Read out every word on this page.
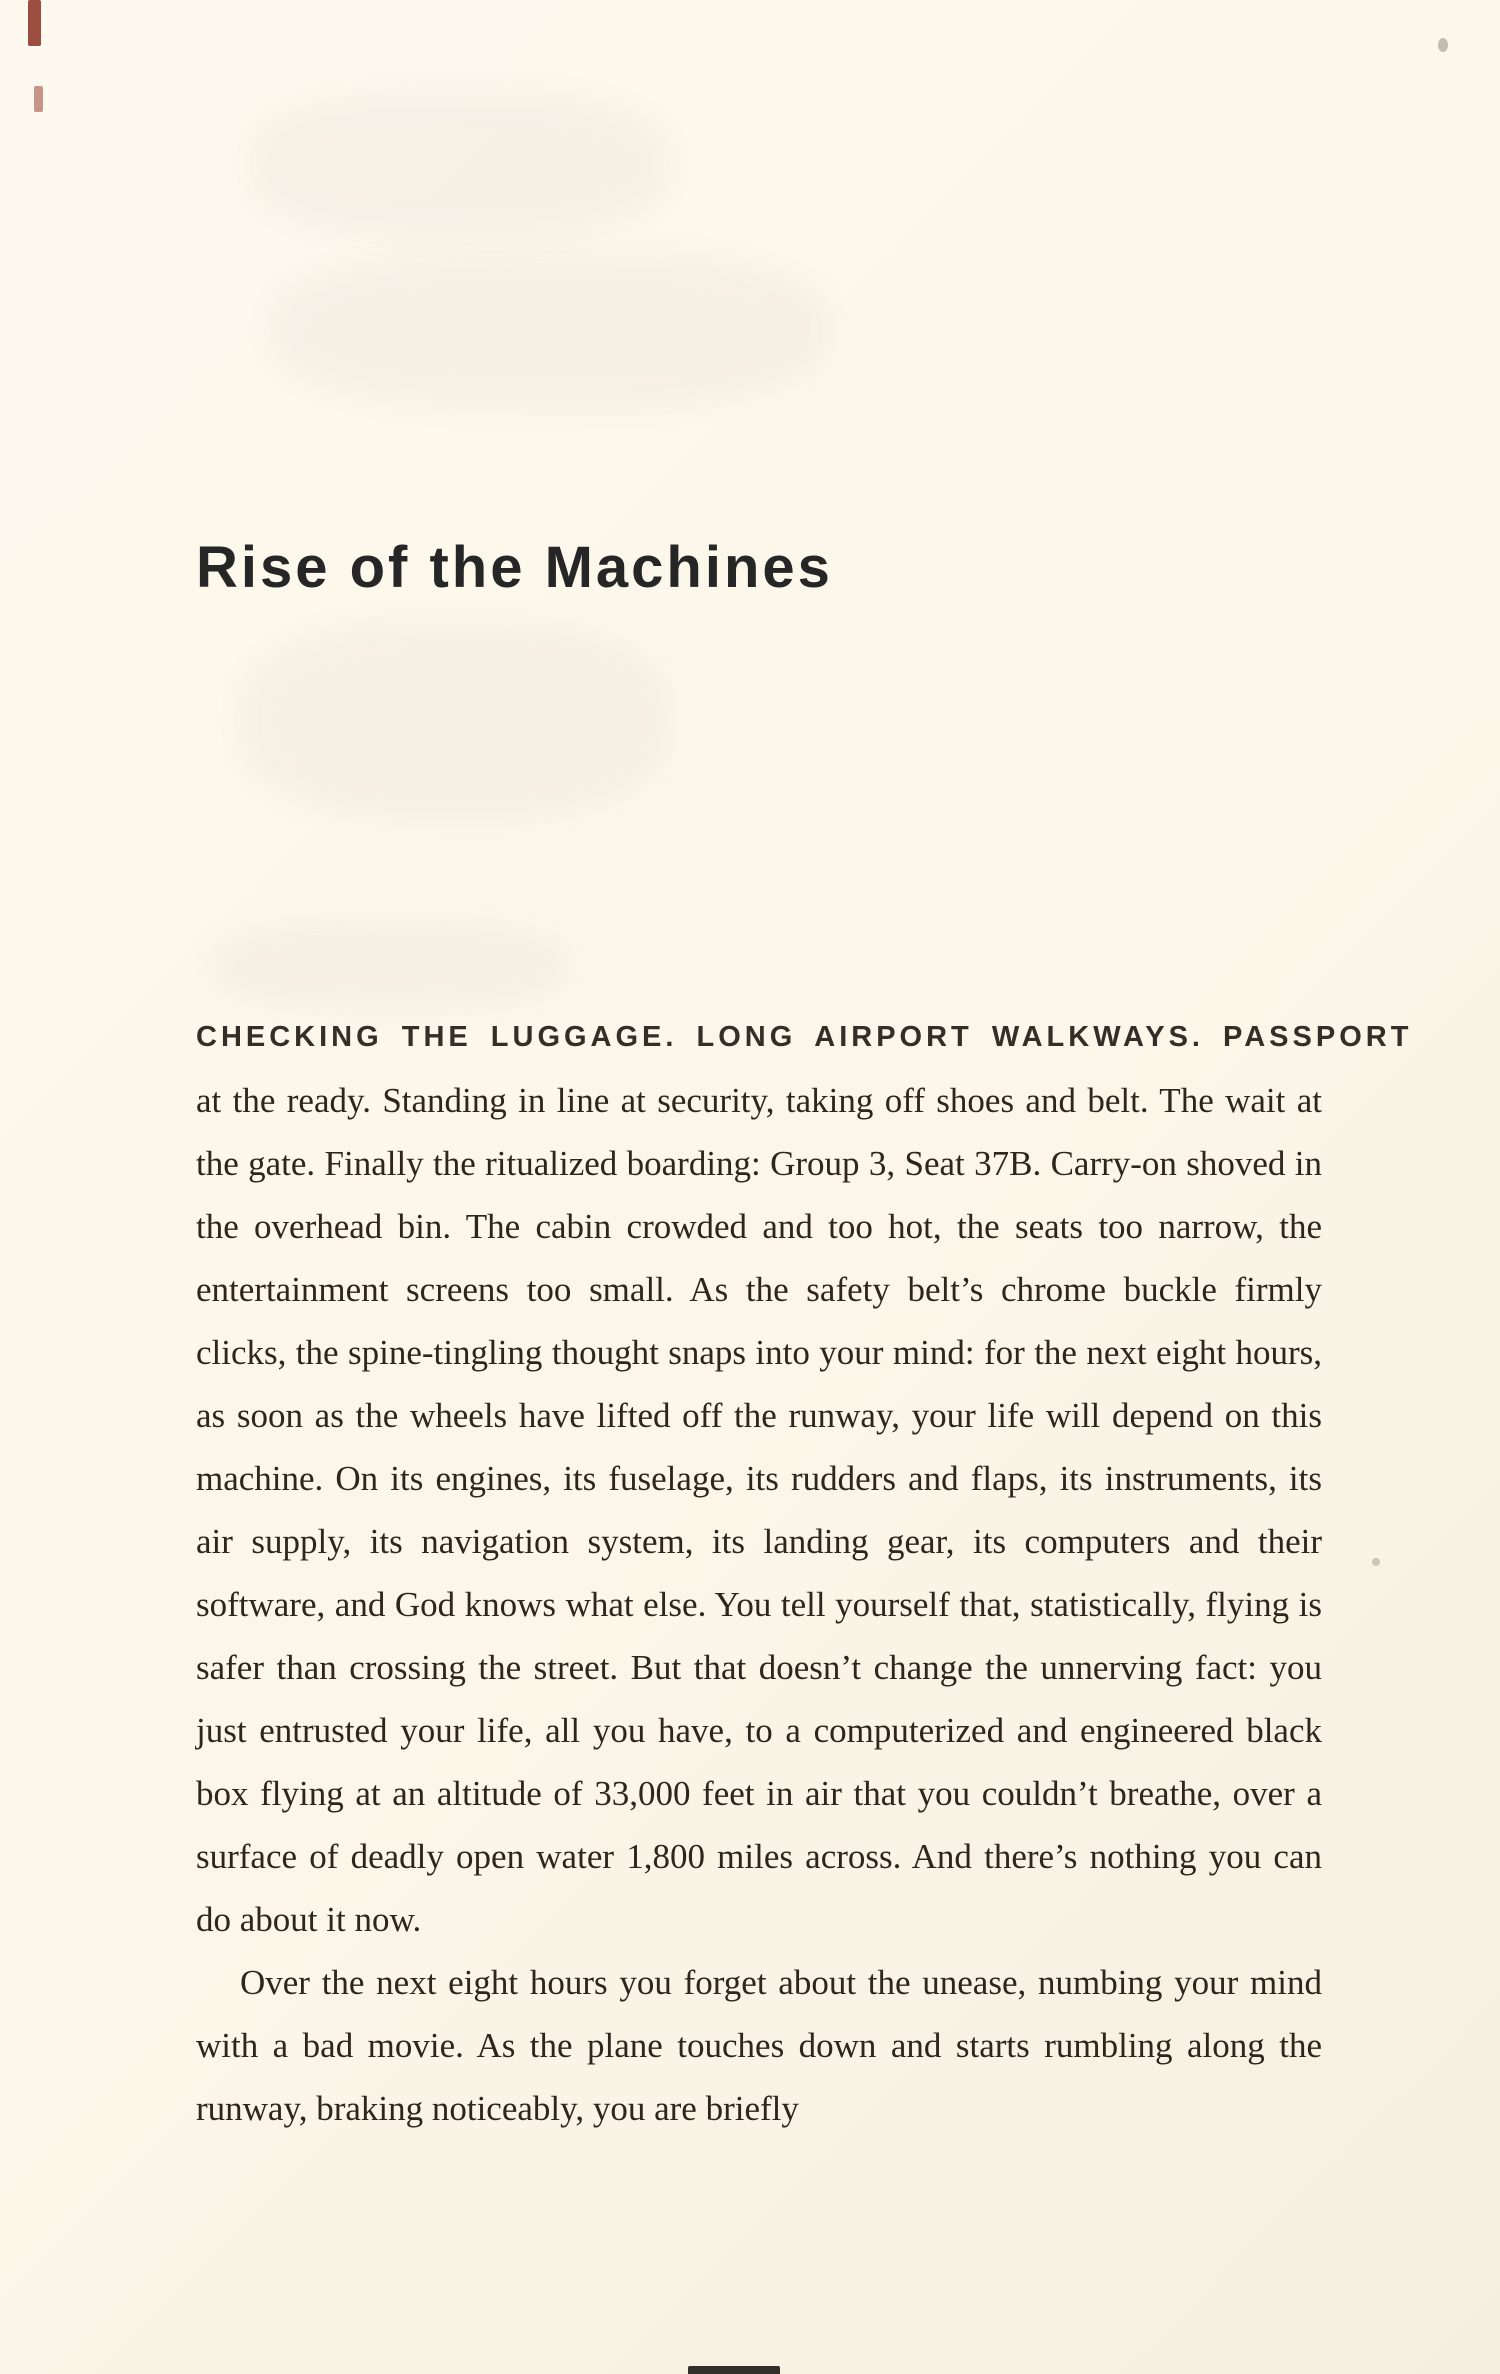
Rise of the Machines

CHECKING THE LUGGAGE. LONG AIRPORT WALKWAYS. PASSPORT
at the ready. Standing in line at security, taking off shoes and belt. The wait at the gate. Finally the ritualized boarding: Group 3, Seat 37B. Carry-on shoved in the overhead bin. The cabin crowded and too hot, the seats too narrow, the entertainment screens too small. As the safety belt’s chrome buckle firmly clicks, the spine-tingling thought snaps into your mind: for the next eight hours, as soon as the wheels have lifted off the runway, your life will depend on this machine. On its engines, its fuselage, its rudders and flaps, its instruments, its air supply, its navigation system, its landing gear, its computers and their software, and God knows what else. You tell yourself that, statistically, flying is safer than crossing the street. But that doesn’t change the unnerving fact: you just entrusted your life, all you have, to a computerized and engineered black box flying at an altitude of 33,000 feet in air that you couldn’t breathe, over a surface of deadly open water 1,800 miles across. And there’s nothing you can do about it now.

Over the next eight hours you forget about the unease, numbing your mind with a bad movie. As the plane touches down and starts rumbling along the runway, braking noticeably, you are briefly
